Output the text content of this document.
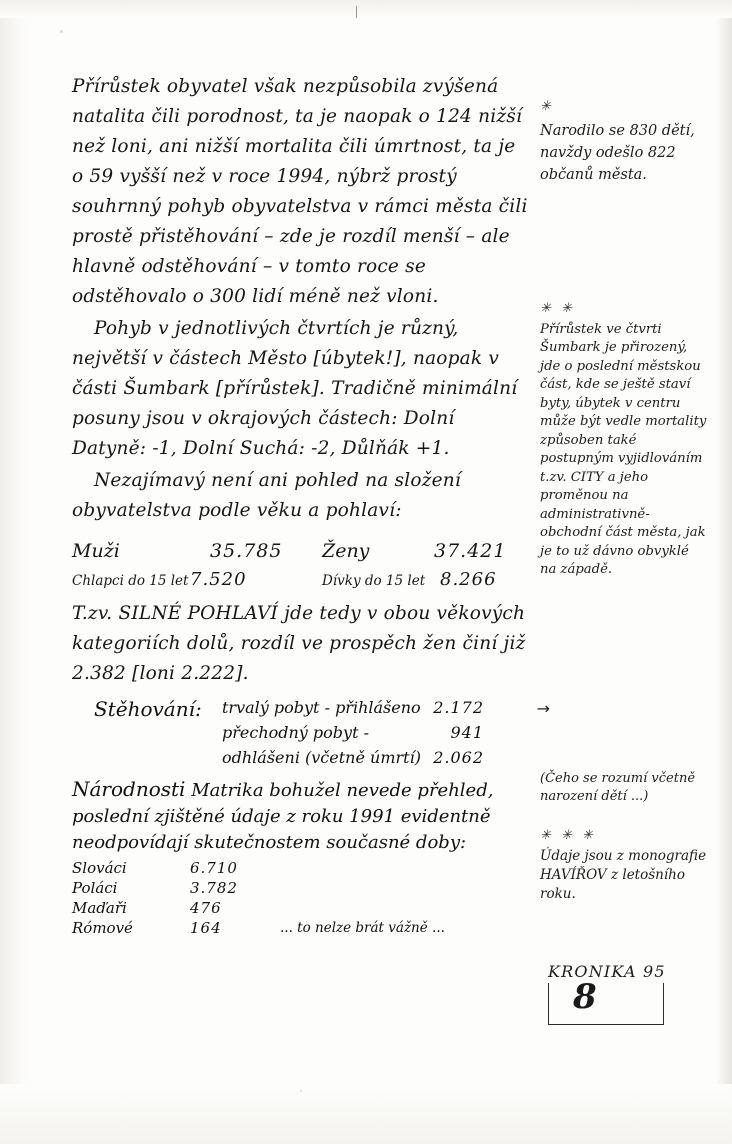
Přírůstek obyvatel však nezpůsobila zvýšená natalita čili porodnost, ta je naopak o 124 nižší než loni, ani nižší mortalita čili úmrtnost, ta je o 59 vyšší než v roce 1994, nýbrž prostý souhrnný pohyb obyvatelstva v rámci města čili prostě přistěhování – zde je rozdíl menší – ale hlavně odstěhování – v tomto roce se odstěhovalo o 300 lidí méně než vloni.

Pohyb v jednotlivých čtvrtích je různý, největší v částech Město [úbytek!], naopak v části Šumbark [přírůstek]. Tradičně minimální posuny jsou v okrajových částech: Dolní Datyně: -1, Dolní Suchá: -2, Důlňák +1.

Nezajímavý není ani pohled na složení obyvatelstva podle věku a pohlaví:

Muži	35.785	Ženy	37.421
Chlapci do 15 let 7.520	Dívky do 15 let 8.266

T.zv. SILNÉ POHLAVÍ jde tedy v obou věkových kategoriích dolů, rozdíl ve prospěch žen činí již 2.382 [loni 2.222].

Stěhování:	trvalý pobyt - přihlášeno 2.172
přechodný pobyt -	941
odhlášeni (včetně úmrtí) 2.062
→
Národnosti Matrika bohužel nevede přehled, poslední zjištěné údaje z roku 1991 evidentně neodpovídají skutečnostem současné doby:
Slováci	6.710
Poláci	3.782
Maďaři	476
Rómové	164	... to nelze brát vážně ...
✳
Narodilo se 830 dětí, navždy odešlo 822 občanů města.
✳ ✳
Přírůstek ve čtvrti Šumbark je přirozený, jde o poslední městskou část, kde se ještě staví byty, úbytek v centru může být vedle mortality způsoben také postupným vyjidlováním t.zv. CITY a jeho proměnou na administrativně-obchodní část města, jak je to už dávno obvyklé na západě.
(Čeho se rozumí včetně narození dětí ...)
✳ ✳ ✳
Údaje jsou z monografie HAVÍŘOV z letošního roku.
KRONIKA 95
8
